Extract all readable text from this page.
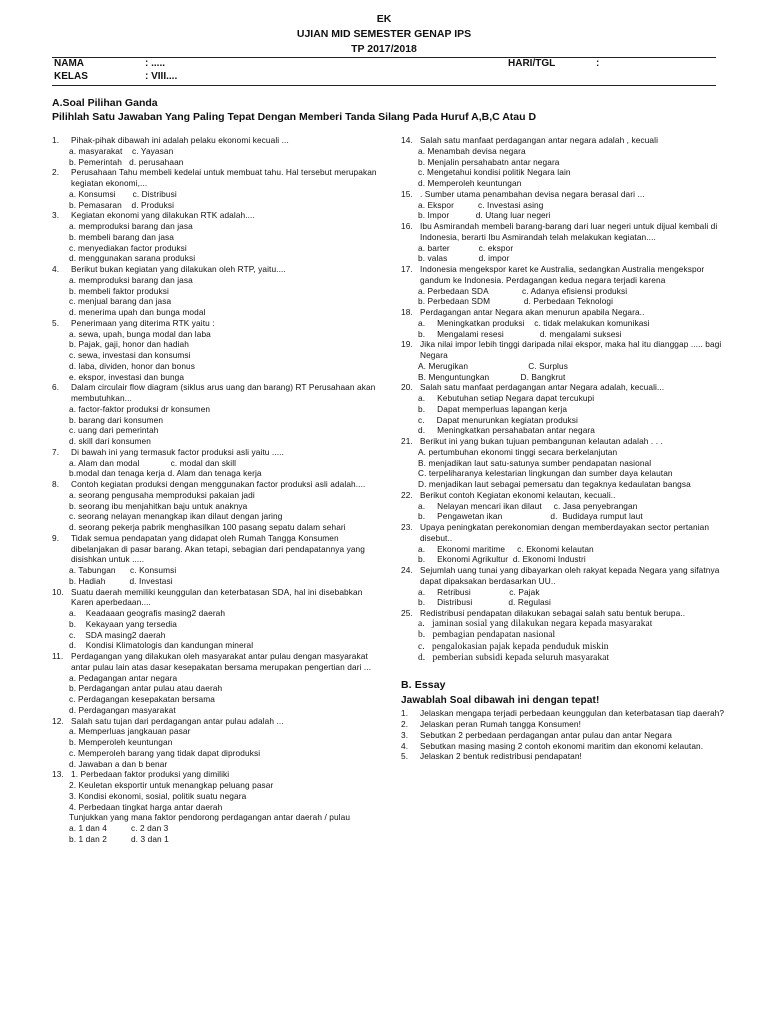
EK
UJIAN MID SEMESTER GENAP IPS
TP 2017/2018
NAMA	: .....	HARI/TGL	:
KELAS	: VIII....
A.Soal Pilihan Ganda
Pilihlah Satu Jawaban Yang Paling Tepat Dengan Memberi Tanda Silang Pada Huruf A,B,C Atau D
1.	Pihak-pihak dibawah ini adalah pelaku ekonomi kecuali ...
a. masyarakat    c. Yayasan
b. Pemerintah   d. perusahaan
2.	Perusahaan Tahu membeli kedelai untuk membuat tahu. Hal tersebut merupakan kegiatan ekonomi,...
a. Konsumsi       c. Distribusi
b. Pemasaran    d. Produksi
3.	Kegiatan ekonomi yang dilakukan RTK adalah....
a. memproduksi barang dan jasa
b. membeli barang dan jasa
c. menyediakan factor produksi
d. menggunakan sarana produksi
4.	Berikut bukan kegiatan yang dilakukan oleh RTP, yaitu....
a. memproduksi barang dan jasa
b. membeli faktor produksi
c. menjual barang dan jasa
d. menerima upah dan bunga modal
5.	Penerimaan yang diterima RTK yaitu :
a. sewa, upah, bunga modal dan laba
b. Pajak, gaji, honor dan hadiah
c. sewa, investasi dan konsumsi
d. laba, dividen, honor dan bonus
e. ekspor, investasi dan bunga
6.	Dalam circulair flow diagram (siklus arus uang dan barang) RT Perusahaan akan membutuhkan...
a. factor-faktor produksi dr konsumen
b. barang dari konsumen
c. uang dari pemerintah
d. skill dari konsumen
7.	Di bawah ini yang termasuk factor produksi asli yaitu .....
a. Alam dan modal             c. modal dan skill
b.modal dan tenaga kerja d. Alam dan tenaga kerja
8.	Contoh kegiatan produksi dengan menggunakan factor produksi asli adalah....
a. seorang pengusaha memproduksi pakaian jadi
b. seorang ibu menjahitkan baju untuk anaknya
c. seorang nelayan menangkap ikan dilaut dengan jaring
d. seorang pekerja pabrik menghasilkan 100 pasang sepatu dalam sehari
9.	Tidak semua pendapatan yang didapat oleh Rumah Tangga Konsumen dibelanjakan di pasar barang. Akan tetapi, sebagian dari pendapatannya yang disishkan untuk .....
a. Tabungan      c. Konsumsi
b. Hadiah          d. Investasi
10. Suatu daerah memiliki keunggulan dan keterbatasan SDA, hal ini disebabkan Karen aperbedaan....
a.    Keadaaan geografis masing2 daerah
b.    Kekayaan yang tersedia
c.    SDA masing2 daerah
d.    Kondisi Klimatologis dan kandungan mineral
11. Perdagangan yang dilakukan oleh masyarakat antar pulau dengan masyarakat antar pulau lain atas dasar kesepakatan bersama merupakan pengertian dari ...
a. Pedagangan antar negara
b. Perdagangan antar pulau atau daerah
c. Perdagangan kesepakatan bersama
d. Perdagangan masyarakat
12. Salah satu tujan dari perdagangan antar pulau adalah ...
a. Memperluas jangkauan pasar
b. Memperoleh keuntungan
c. Memperoleh barang yang tidak dapat diproduksi
d. Jawaban a dan b benar
13. 1. Perbedaan faktor produksi yang dimiliki
2. Keuletan eksportir untuk menangkap peluang pasar
3. Kondisi ekonomi, sosial, politik suatu negara
4. Perbedaan tingkat harga antar daerah
Tunjukkan yang mana faktor pendorong perdagangan antar daerah / pulau
a. 1 dan 4          c. 2 dan 3
b. 1 dan 2          d. 3 dan 1
14. Salah satu manfaat perdagangan antar negara adalah , kecuali
a. Menambah devisa negara
b. Menjalin persahabatn antar negara
c. Mengetahui kondisi politik Negara lain
d. Memperoleh keuntungan
15. . Sumber utama penambahan devisa negara berasal dari ...
a. Ekspor          c. Investasi asing
b. Impor           d. Utang luar negeri
16. Ibu Asmirandah membeli barang-barang dari luar negeri untuk dijual kembali di Indonesia, berarti Ibu Asmirandah telah melakukan kegiatan....
a. barter            c. ekspor
b. valas             d. impor
17. Indonesia mengekspor karet ke Australia, sedangkan Australia mengekspor gandum ke Indonesia. Perdagangan kedua negara terjadi karena
a. Perbedaan SDA              c. Adanya efisiensi produksi
b. Perbedaan SDM              d. Perbedaan Teknologi
18. Perdagangan antar Negara akan menurun apabila Negara..
a.     Meningkatkan produksi    c. tidak melakukan komunikasi
b.     Mengalami resesi               d. mengalami suksesi
19. Jika nilai impor lebih tinggi daripada nilai ekspor, maka hal itu dianggap ..... bagi Negara
A. Merugikan                         C. Surplus
B. Menguntungkan             D. Bangkrut
20. Salah satu manfaat perdagangan antar Negara adalah, kecuali...
a.     Kebutuhan setiap Negara dapat tercukupi
b.     Dapat memperluas lapangan kerja
c.     Dapat menurunkan kegiatan produksi
d.     Meningkatkan persahabatan antar negara
21. Berikut ini yang bukan tujuan pembangunan kelautan adalah . . .
A. pertumbuhan ekonomi tinggi secara berkelanjutan
B. menjadikan laut satu-satunya sumber pendapatan nasional
C. terpeliharanya kelestarian lingkungan dan sumber daya kelautan
D. menjadikan laut sebagai pemersatu dan tegaknya kedaulatan bangsa
22. Berikut contoh Kegiatan ekonomi kelautan, kecuali..
a.     Nelayan mencari ikan dilaut     c. Jasa penyebrangan
b.     Pengawetan ikan                    d.  Budidaya rumput laut
23. Upaya peningkatan perekonomian dengan memberdayakan sector pertanian disebut..
a.     Ekonomi maritime     c. Ekonomi kelautan
b.     Ekonomi Agrikultur  d. Ekonomi Industri
24. Sejumlah uang tunai yang dibayarkan oleh rakyat kepada Negara yang sifatnya dapat dipaksakan berdasarkan UU..
a.     Retribusi                c. Pajak
b.     Distribusi               d. Regulasi
25. Redistribusi pendapatan dilakukan sebagai salah satu bentuk berupa..
a.   jaminan sosial yang dilakukan negara kepada masyarakat
b.   pembagian pendapatan nasional
c.   pengalokasian pajak kepada penduduk miskin
d.   pemberian subsidi kepada seluruh masyarakat
B. Essay
Jawablah Soal dibawah ini dengan tepat!
1.	Jelaskan mengapa terjadi perbedaan keunggulan dan keterbatasan tiap daerah?
2.	Jelaskan peran Rumah tangga Konsumen!
3.	Sebutkan 2 perbedaan perdagangan antar pulau dan antar Negara
4.	Sebutkan masing masing 2 contoh ekonomi maritim dan ekonomi kelautan.
5.	Jelaskan 2 bentuk redistribusi pendapatan!
